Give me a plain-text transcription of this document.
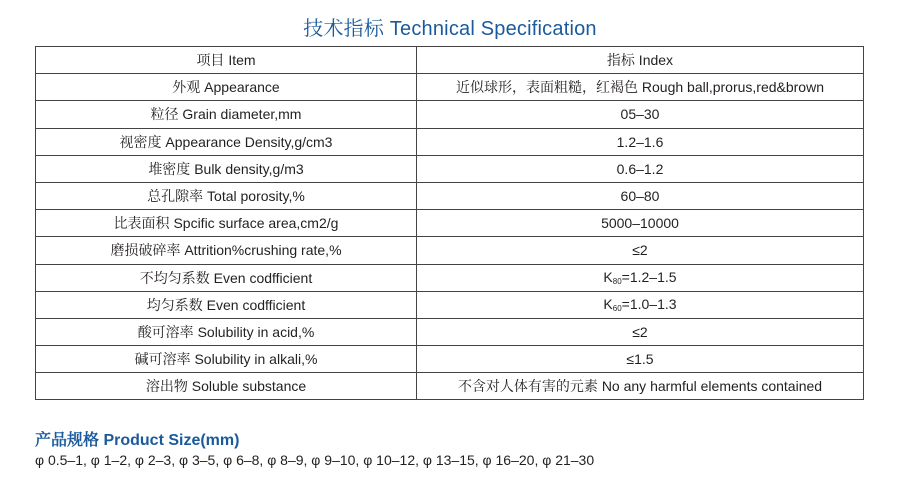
技术指标 Technical Specification
项目 Item	指标 Index
外观 Appearance	近似球形，表面粗糙，红褐色 Rough ball,prorus,red&brown
粒径 Grain diameter,mm	05–30
视密度 Appearance Density,g/cm3	1.2–1.6
堆密度 Bulk density,g/m3	0.6–1.2
总孔隙率 Total porosity,%	60–80
比表面积 Spcific surface area,cm2/g	5000–10000
磨损破碎率 Attrition%crushing rate,%	≤2
不均匀系数 Even codfficient	$K_{80}=1.2-1.5$
均匀系数 Even codfficient	$K_{60}=1.0-1.3$
酸可溶率 Solubility in acid,%	≤2
碱可溶率 Solubility in alkali,%	≤1.5
溶出物 Soluble substance	不含对人体有害的元素 No any harmful elements contained
产品规格 Product Size(mm)
φ 0.5–1, φ 1–2, φ 2–3, φ 3–5, φ 6–8, φ 8–9, φ 9–10, φ 10–12, φ 13–15, φ 16–20, φ 21–30
